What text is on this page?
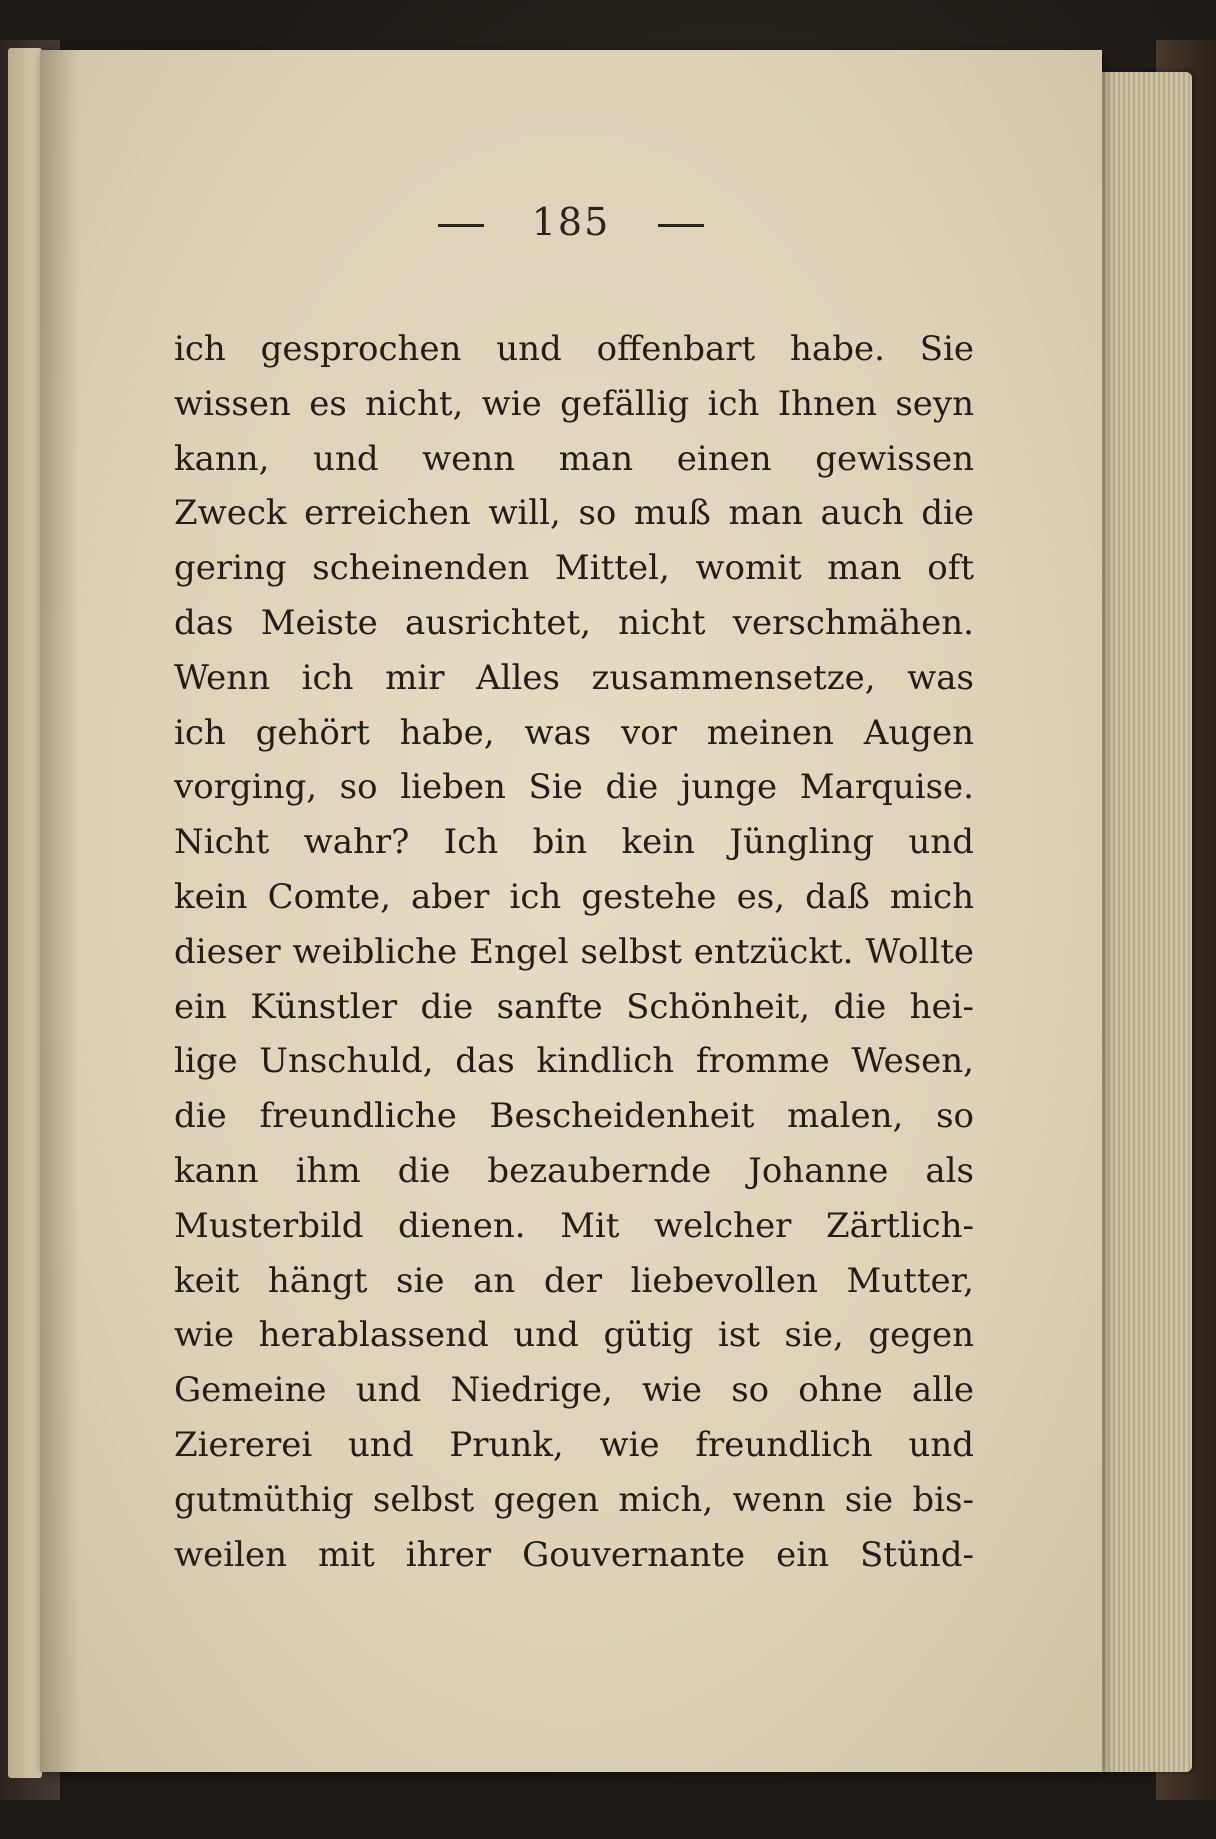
185
ich gesprochen und offenbart habe. Sie
wissen es nicht, wie gefällig ich Ihnen seyn
kann, und wenn man einen gewissen
Zweck erreichen will, so muß man auch die
gering scheinenden Mittel, womit man oft
das Meiste ausrichtet, nicht verschmähen.
Wenn ich mir Alles zusammensetze, was
ich gehört habe, was vor meinen Augen
vorging, so lieben Sie die junge Marquise.
Nicht wahr? Ich bin kein Jüngling und
kein Comte, aber ich gestehe es, daß mich
dieser weibliche Engel selbst entzückt. Wollte
ein Künstler die sanfte Schönheit, die hei-
lige Unschuld, das kindlich fromme Wesen,
die freundliche Bescheidenheit malen, so
kann ihm die bezaubernde Johanne als
Musterbild dienen. Mit welcher Zärtlich-
keit hängt sie an der liebevollen Mutter,
wie herablassend und gütig ist sie, gegen
Gemeine und Niedrige, wie so ohne alle
Ziererei und Prunk, wie freundlich und
gutmüthig selbst gegen mich, wenn sie bis-
weilen mit ihrer Gouvernante ein Stünd-
